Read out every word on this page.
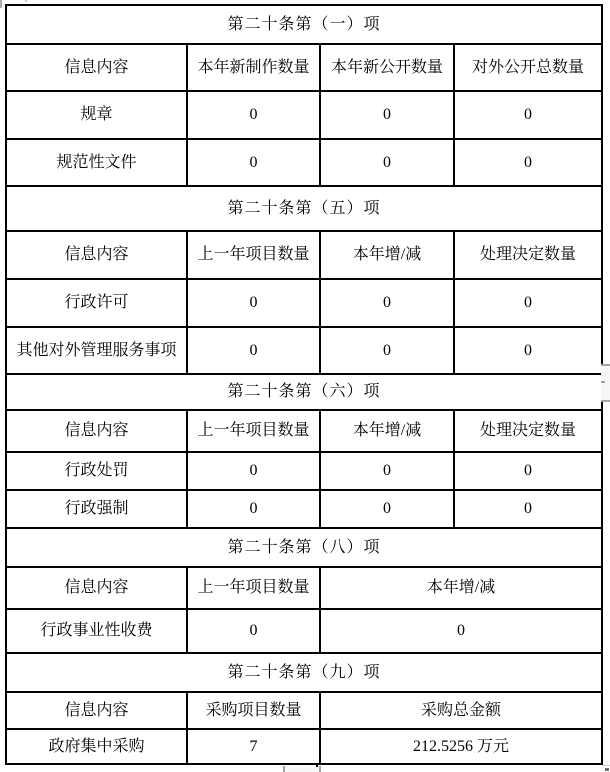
第二十条第（一）项			
信息内容	本年新制作数量	本年新公开数量	对外公开总数量
规章	0	0	0
规范性文件	0	0	0
第二十条第（五）项			
信息内容	上一年项目数量	本年增/减	处理决定数量
行政许可	0	0	0
其他对外管理服务事项	0	0	0
第二十条第（六）项			
信息内容	上一年项目数量	本年增/减	处理决定数量
行政处罚	0	0	0
行政强制	0	0	0
第二十条第（八）项			
信息内容	上一年项目数量	本年增/减	
行政事业性收费	0	0	
第二十条第（九）项			
信息内容	采购项目数量	采购总金额	
政府集中采购	7	212.5256 万元	
